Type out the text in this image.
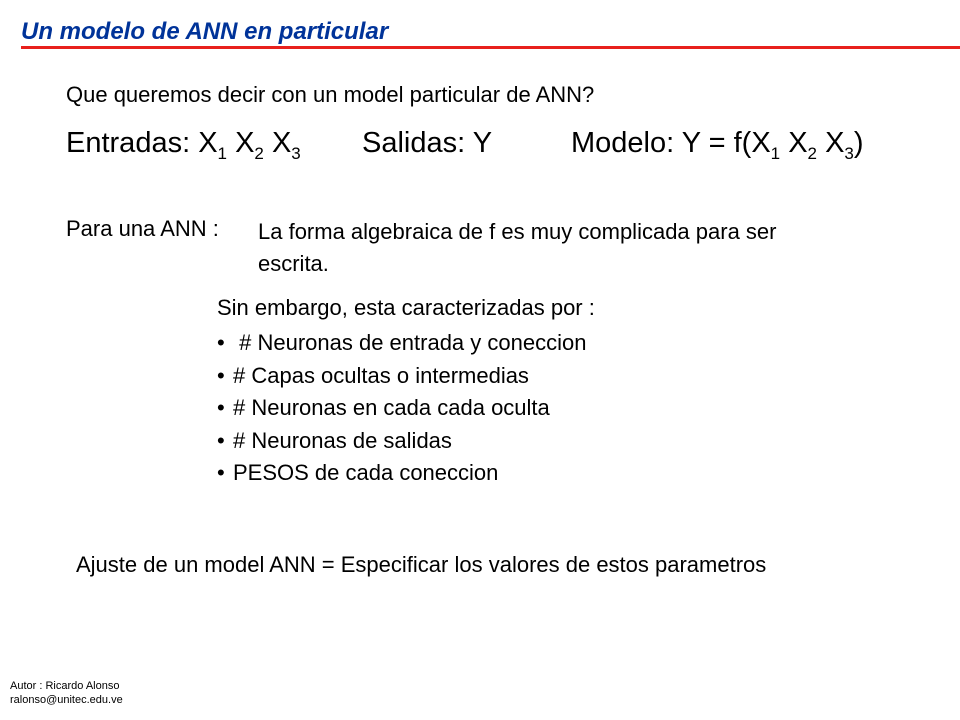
Un modelo de ANN en particular
Que queremos decir con un model particular de ANN?
Entradas: $X_1$ $X_2$ $X_3$ Salidas: Y	Modelo: $Y = f(X_1$ $X_2$ $X_3$)
Para una ANN : La forma algebraica de f es muy complicada para ser
escrita.
Sin embargo, esta caracterizadas por :
• # Neuronas de entrada y coneccion
• # Capas ocultas o intermedias
• # Neuronas en cada cada oculta
• # Neuronas de salidas
• PESOS de cada coneccion
Ajuste de un model ANN = Especificar los valores de estos parametros
Autor : Ricardo Alonso
ralonso@unitec.edu.ve
